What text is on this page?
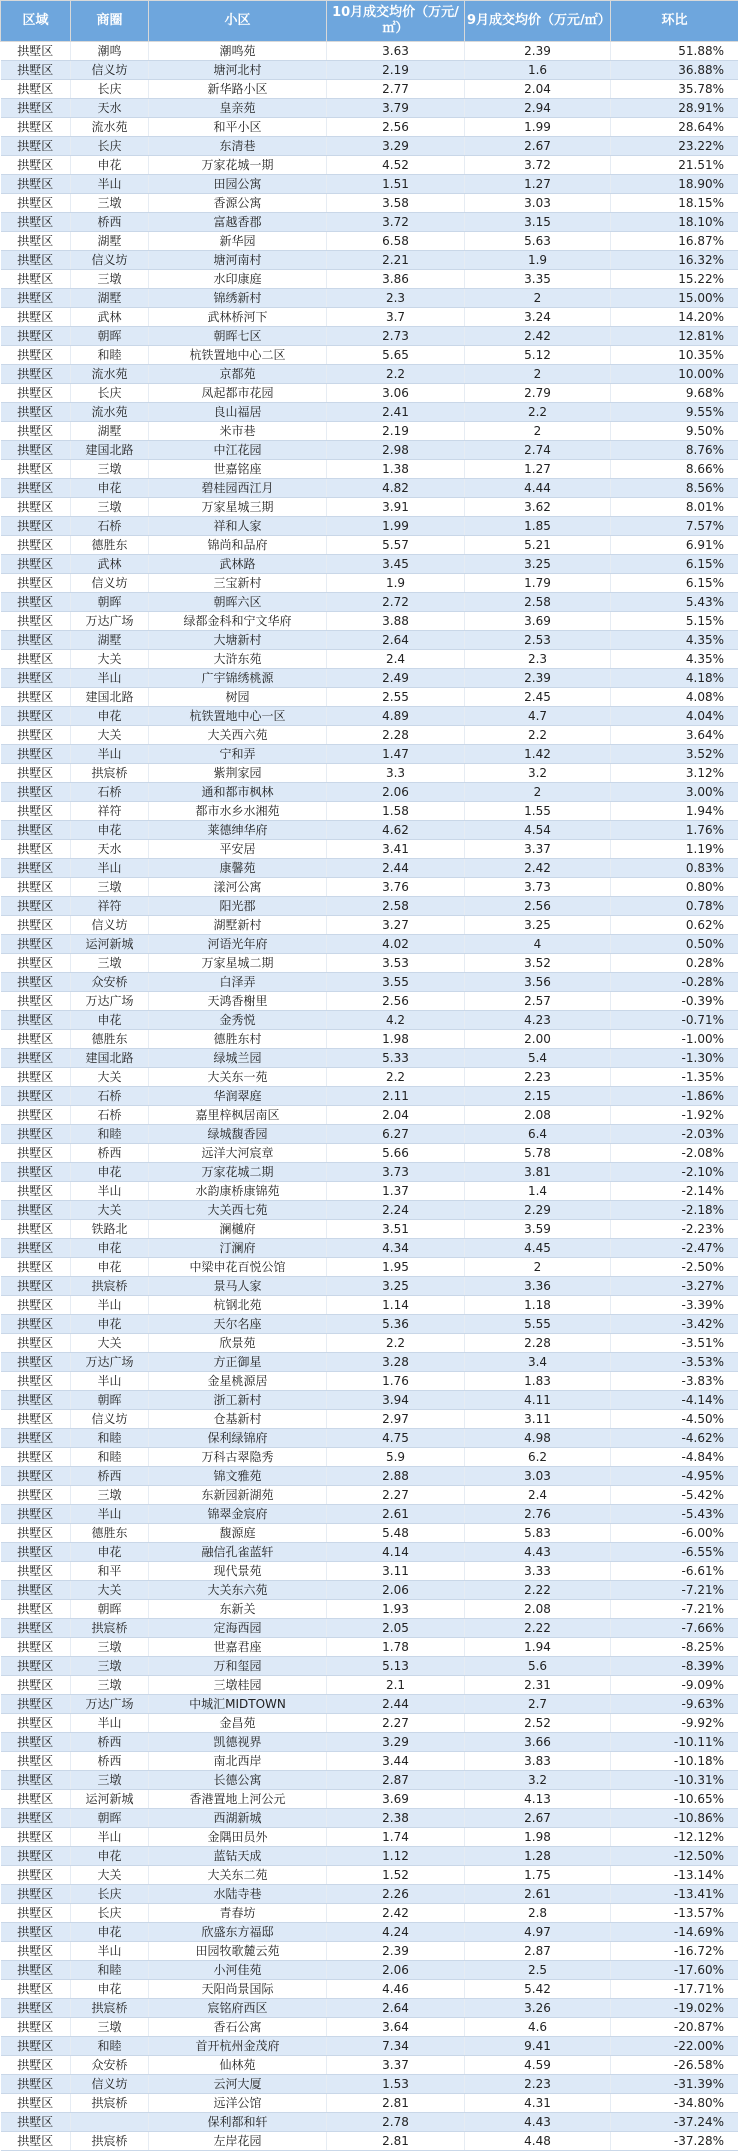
区域	商圈	小区	10月成交均价（万元/㎡）	9月成交均价（万元/㎡）	环比
拱墅区	潮鸣	潮鸣苑	3.63	2.39	51.88%
拱墅区	信义坊	塘河北村	2.19	1.6	36.88%
拱墅区	长庆	新华路小区	2.77	2.04	35.78%
拱墅区	天水	皇亲苑	3.79	2.94	28.91%
拱墅区	流水苑	和平小区	2.56	1.99	28.64%
拱墅区	长庆	东清巷	3.29	2.67	23.22%
拱墅区	申花	万家花城一期	4.52	3.72	21.51%
拱墅区	半山	田园公寓	1.51	1.27	18.90%
拱墅区	三墩	香源公寓	3.58	3.03	18.15%
拱墅区	桥西	富越香郡	3.72	3.15	18.10%
拱墅区	湖墅	新华园	6.58	5.63	16.87%
拱墅区	信义坊	塘河南村	2.21	1.9	16.32%
拱墅区	三墩	水印康庭	3.86	3.35	15.22%
拱墅区	湖墅	锦绣新村	2.3	2	15.00%
拱墅区	武林	武林桥河下	3.7	3.24	14.20%
拱墅区	朝晖	朝晖七区	2.73	2.42	12.81%
拱墅区	和睦	杭铁置地中心二区	5.65	5.12	10.35%
拱墅区	流水苑	京都苑	2.2	2	10.00%
拱墅区	长庆	凤起都市花园	3.06	2.79	9.68%
拱墅区	流水苑	良山福居	2.41	2.2	9.55%
拱墅区	湖墅	米市巷	2.19	2	9.50%
拱墅区	建国北路	中江花园	2.98	2.74	8.76%
拱墅区	三墩	世嘉铭座	1.38	1.27	8.66%
拱墅区	申花	碧桂园西江月	4.82	4.44	8.56%
拱墅区	三墩	万家星城三期	3.91	3.62	8.01%
拱墅区	石桥	祥和人家	1.99	1.85	7.57%
拱墅区	德胜东	锦尚和品府	5.57	5.21	6.91%
拱墅区	武林	武林路	3.45	3.25	6.15%
拱墅区	信义坊	三宝新村	1.9	1.79	6.15%
拱墅区	朝晖	朝晖六区	2.72	2.58	5.43%
拱墅区	万达广场	绿都金科和宁文华府	3.88	3.69	5.15%
拱墅区	湖墅	大塘新村	2.64	2.53	4.35%
拱墅区	大关	大浒东苑	2.4	2.3	4.35%
拱墅区	半山	广宇锦绣桃源	2.49	2.39	4.18%
拱墅区	建国北路	树园	2.55	2.45	4.08%
拱墅区	申花	杭铁置地中心一区	4.89	4.7	4.04%
拱墅区	大关	大关西六苑	2.28	2.2	3.64%
拱墅区	半山	宁和弄	1.47	1.42	3.52%
拱墅区	拱宸桥	紫荆家园	3.3	3.2	3.12%
拱墅区	石桥	通和都市枫林	2.06	2	3.00%
拱墅区	祥符	都市水乡水湘苑	1.58	1.55	1.94%
拱墅区	申花	莱德绅华府	4.62	4.54	1.76%
拱墅区	天水	平安居	3.41	3.37	1.19%
拱墅区	半山	康馨苑	2.44	2.42	0.83%
拱墅区	三墩	漾河公寓	3.76	3.73	0.80%
拱墅区	祥符	阳光郡	2.58	2.56	0.78%
拱墅区	信义坊	湖墅新村	3.27	3.25	0.62%
拱墅区	运河新城	河语光年府	4.02	4	0.50%
拱墅区	三墩	万家星城二期	3.53	3.52	0.28%
拱墅区	众安桥	白泽弄	3.55	3.56	-0.28%
拱墅区	万达广场	天鸿香榭里	2.56	2.57	-0.39%
拱墅区	申花	金秀悦	4.2	4.23	-0.71%
拱墅区	德胜东	德胜东村	1.98	2.00	-1.00%
拱墅区	建国北路	绿城兰园	5.33	5.4	-1.30%
拱墅区	大关	大关东一苑	2.2	2.23	-1.35%
拱墅区	石桥	华润翠庭	2.11	2.15	-1.86%
拱墅区	石桥	嘉里梓枫居南区	2.04	2.08	-1.92%
拱墅区	和睦	绿城馥香园	6.27	6.4	-2.03%
拱墅区	桥西	远洋大河宸章	5.66	5.78	-2.08%
拱墅区	申花	万家花城二期	3.73	3.81	-2.10%
拱墅区	半山	水韵康桥康锦苑	1.37	1.4	-2.14%
拱墅区	大关	大关西七苑	2.24	2.29	-2.18%
拱墅区	铁路北	澜樾府	3.51	3.59	-2.23%
拱墅区	申花	汀澜府	4.34	4.45	-2.47%
拱墅区	申花	中梁申花百悦公馆	1.95	2	-2.50%
拱墅区	拱宸桥	景马人家	3.25	3.36	-3.27%
拱墅区	半山	杭钢北苑	1.14	1.18	-3.39%
拱墅区	申花	天尔名座	5.36	5.55	-3.42%
拱墅区	大关	欣景苑	2.2	2.28	-3.51%
拱墅区	万达广场	方正御星	3.28	3.4	-3.53%
拱墅区	半山	金星桃源居	1.76	1.83	-3.83%
拱墅区	朝晖	浙工新村	3.94	4.11	-4.14%
拱墅区	信义坊	仓基新村	2.97	3.11	-4.50%
拱墅区	和睦	保利绿锦府	4.75	4.98	-4.62%
拱墅区	和睦	万科古翠隐秀	5.9	6.2	-4.84%
拱墅区	桥西	锦文雅苑	2.88	3.03	-4.95%
拱墅区	三墩	东新园新湖苑	2.27	2.4	-5.42%
拱墅区	半山	锦翠金宸府	2.61	2.76	-5.43%
拱墅区	德胜东	馥源庭	5.48	5.83	-6.00%
拱墅区	申花	融信孔雀蓝轩	4.14	4.43	-6.55%
拱墅区	和平	现代景苑	3.11	3.33	-6.61%
拱墅区	大关	大关东六苑	2.06	2.22	-7.21%
拱墅区	朝晖	东新关	1.93	2.08	-7.21%
拱墅区	拱宸桥	定海西园	2.05	2.22	-7.66%
拱墅区	三墩	世嘉君座	1.78	1.94	-8.25%
拱墅区	三墩	万和玺园	5.13	5.6	-8.39%
拱墅区	三墩	三墩桂园	2.1	2.31	-9.09%
拱墅区	万达广场	中城汇MIDTOWN	2.44	2.7	-9.63%
拱墅区	半山	金昌苑	2.27	2.52	-9.92%
拱墅区	桥西	凯德视界	3.29	3.66	-10.11%
拱墅区	桥西	南北西岸	3.44	3.83	-10.18%
拱墅区	三墩	长德公寓	2.87	3.2	-10.31%
拱墅区	运河新城	香港置地上河公元	3.69	4.13	-10.65%
拱墅区	朝晖	西湖新城	2.38	2.67	-10.86%
拱墅区	半山	金隅田员外	1.74	1.98	-12.12%
拱墅区	申花	蓝钻天成	1.12	1.28	-12.50%
拱墅区	大关	大关东二苑	1.52	1.75	-13.14%
拱墅区	长庆	水陆寺巷	2.26	2.61	-13.41%
拱墅区	长庆	青春坊	2.42	2.8	-13.57%
拱墅区	申花	欣盛东方福邸	4.24	4.97	-14.69%
拱墅区	半山	田园牧歌麓云苑	2.39	2.87	-16.72%
拱墅区	和睦	小河佳苑	2.06	2.5	-17.60%
拱墅区	申花	天阳尚景国际	4.46	5.42	-17.71%
拱墅区	拱宸桥	宸铭府西区	2.64	3.26	-19.02%
拱墅区	三墩	香石公寓	3.64	4.6	-20.87%
拱墅区	和睦	首开杭州金茂府	7.34	9.41	-22.00%
拱墅区	众安桥	仙林苑	3.37	4.59	-26.58%
拱墅区	信义坊	云河大厦	1.53	2.23	-31.39%
拱墅区	拱宸桥	远洋公馆	2.81	4.31	-34.80%
拱墅区		保利都和轩	2.78	4.43	-37.24%
拱墅区	拱宸桥	左岸花园	2.81	4.48	-37.28%
